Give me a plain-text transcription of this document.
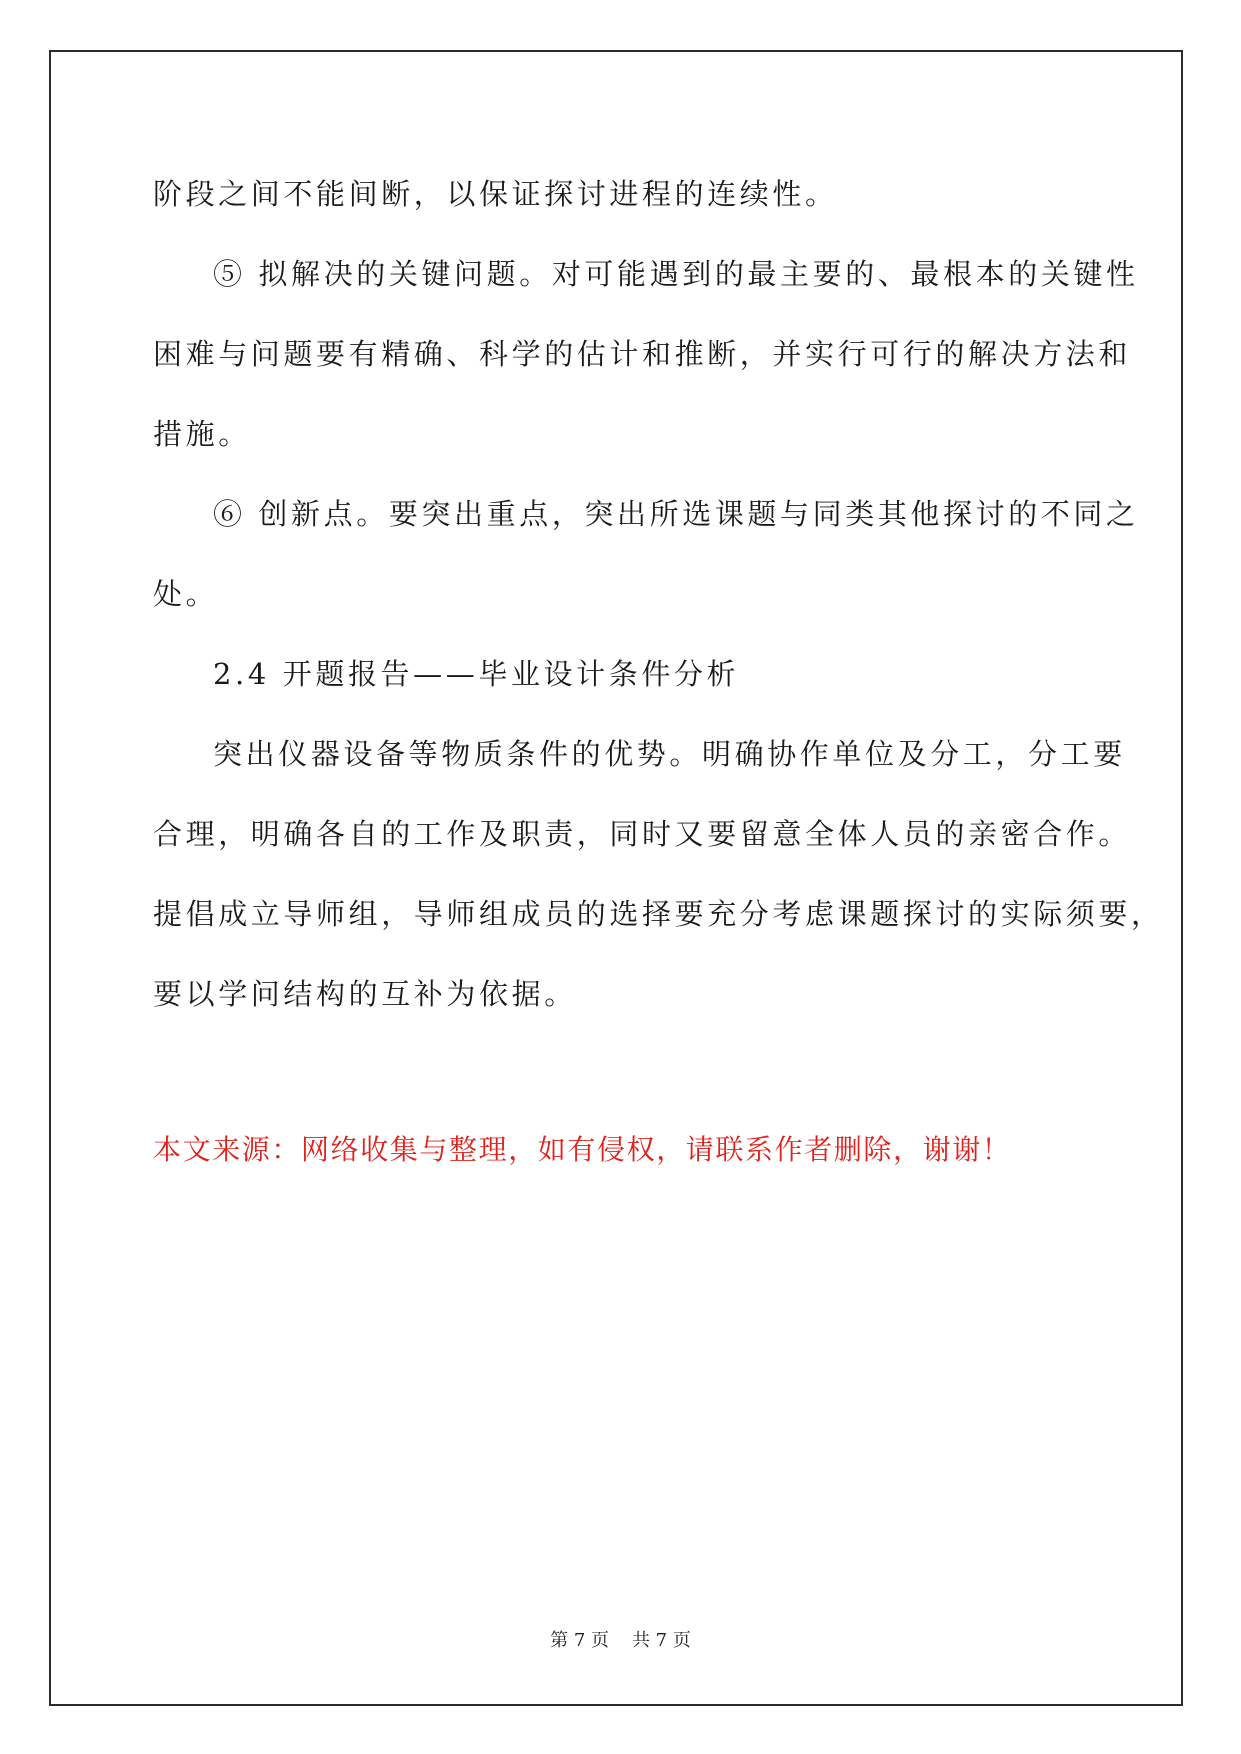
阶段之间不能间断，以保证探讨进程的连续性。

⑤ 拟解决的关键问题。对可能遇到的最主要的、最根本的关键性

困难与问题要有精确、科学的估计和推断，并实行可行的解决方法和

措施。

⑥ 创新点。要突出重点，突出所选课题与同类其他探讨的不同之

处。

2.4 开题报告——毕业设计条件分析

突出仪器设备等物质条件的优势。明确协作单位及分工，分工要

合理，明确各自的工作及职责，同时又要留意全体人员的亲密合作。

提倡成立导师组，导师组成员的选择要充分考虑课题探讨的实际须要，

要以学问结构的互补为依据。

本文来源：网络收集与整理，如有侵权，请联系作者删除，谢谢！

第 7 页    共 7 页
